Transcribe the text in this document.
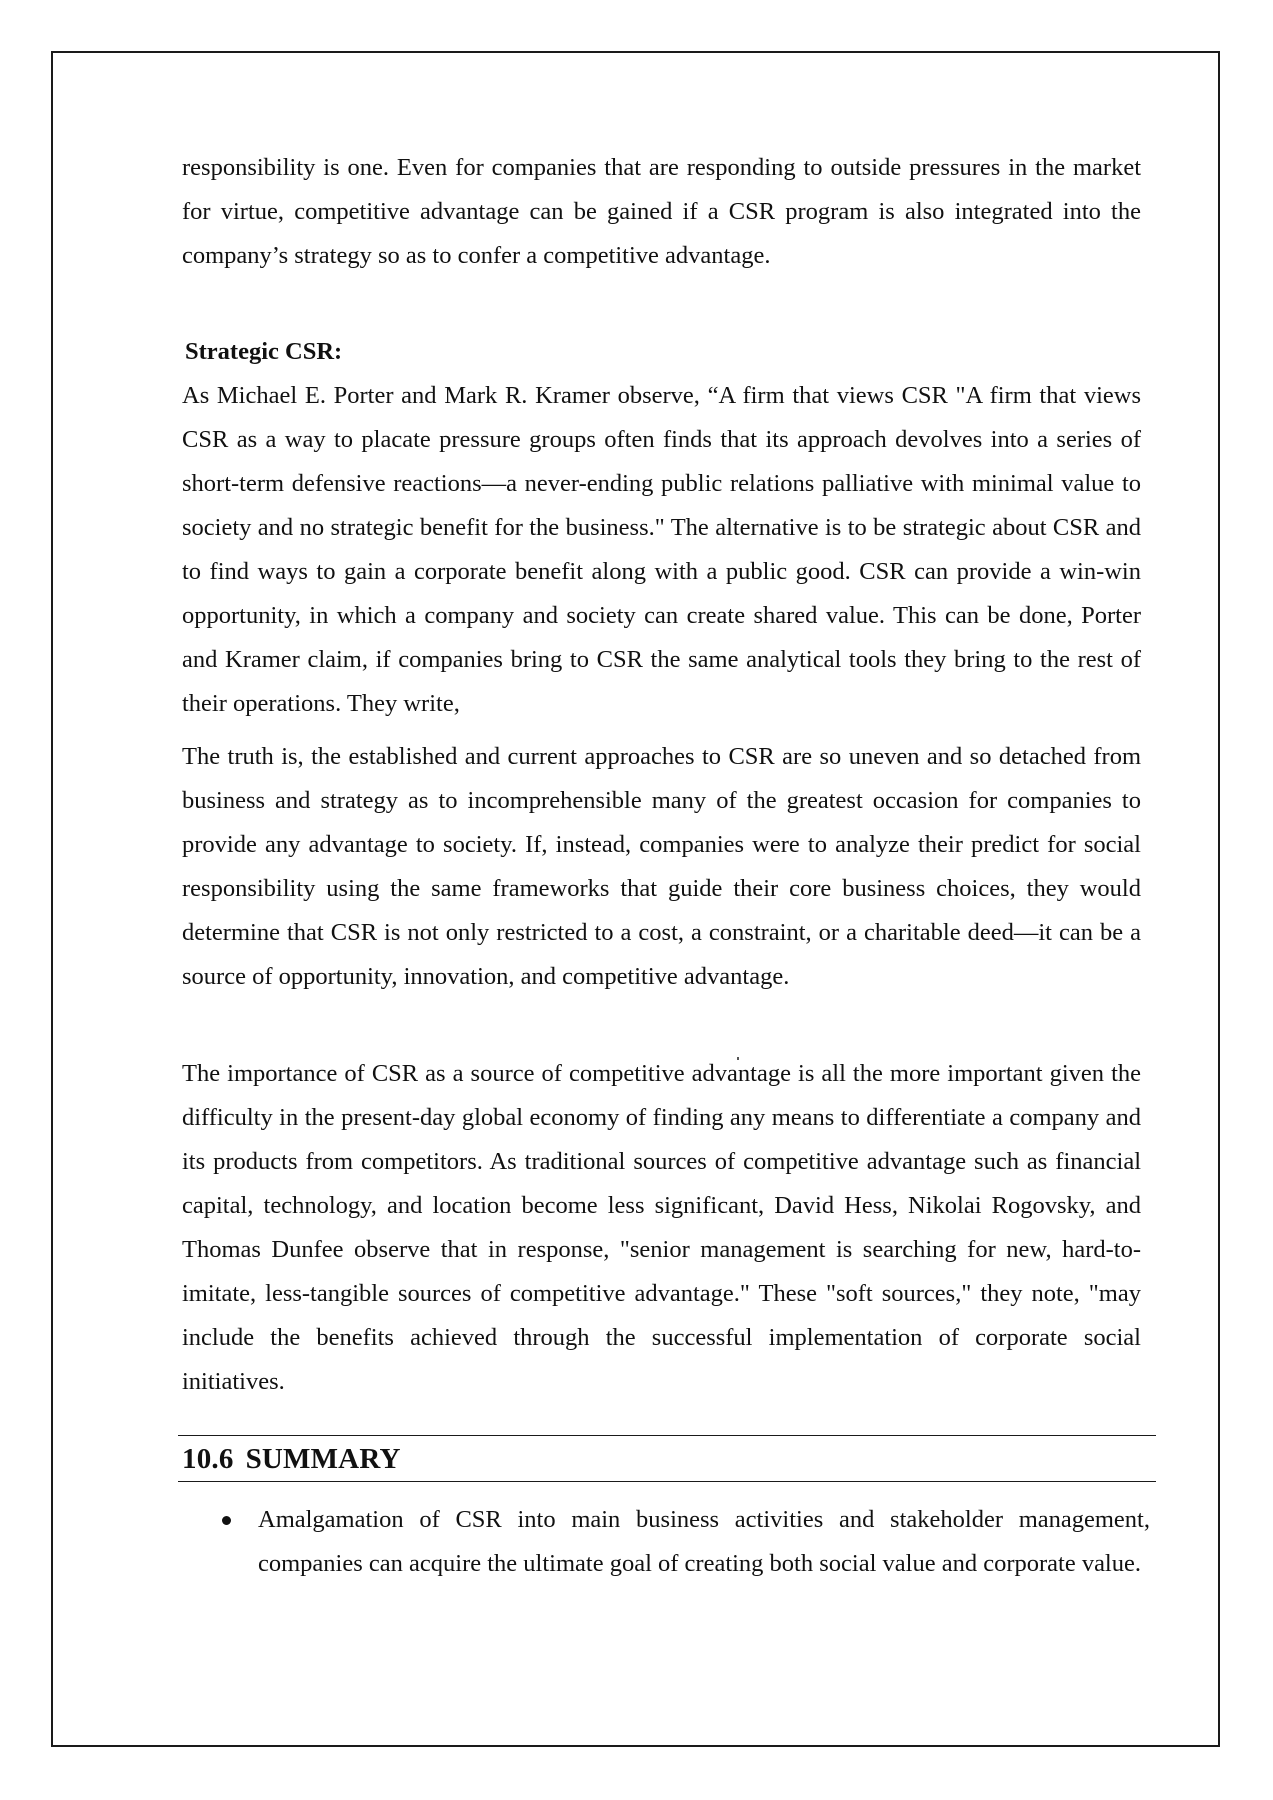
responsibility is one. Even for companies that are responding to outside pressures in the market for virtue, competitive advantage can be gained if a CSR program is also integrated into the company’s strategy so as to confer a competitive advantage.

Strategic CSR:

As Michael E. Porter and Mark R. Kramer observe, “A firm that views CSR "A firm that views CSR as a way to placate pressure groups often finds that its approach devolves into a series of short-term defensive reactions—a never-ending public relations palliative with minimal value to society and no strategic benefit for the business." The alternative is to be strategic about CSR and to find ways to gain a corporate benefit along with a public good. CSR can provide a win-win opportunity, in which a company and society can create shared value. This can be done, Porter and Kramer claim, if companies bring to CSR the same analytical tools they bring to the rest of their operations. They write,

The truth is, the established and current approaches to CSR are so uneven and so detached from business and strategy as to incomprehensible many of the greatest occasion for companies to provide any advantage to society. If, instead, companies were to analyze their predict for social responsibility using the same frameworks that guide their core business choices, they would determine that CSR is not only restricted to a cost, a constraint, or a charitable deed—it can be a source of opportunity, innovation, and competitive advantage.

The importance of CSR as a source of competitive advantage is all the more important given the difficulty in the present-day global economy of finding any means to differentiate a company and its products from competitors. As traditional sources of competitive advantage such as financial capital, technology, and location become less significant, David Hess, Nikolai Rogovsky, and Thomas Dunfee observe that in response, "senior management is searching for new, hard-to-imitate, less-tangible sources of competitive advantage." These "soft sources," they note, "may include the benefits achieved through the successful implementation of corporate social initiatives.

10.6 SUMMARY
Amalgamation of CSR into main business activities and stakeholder management, companies can acquire the ultimate goal of creating both social value and corporate value.
